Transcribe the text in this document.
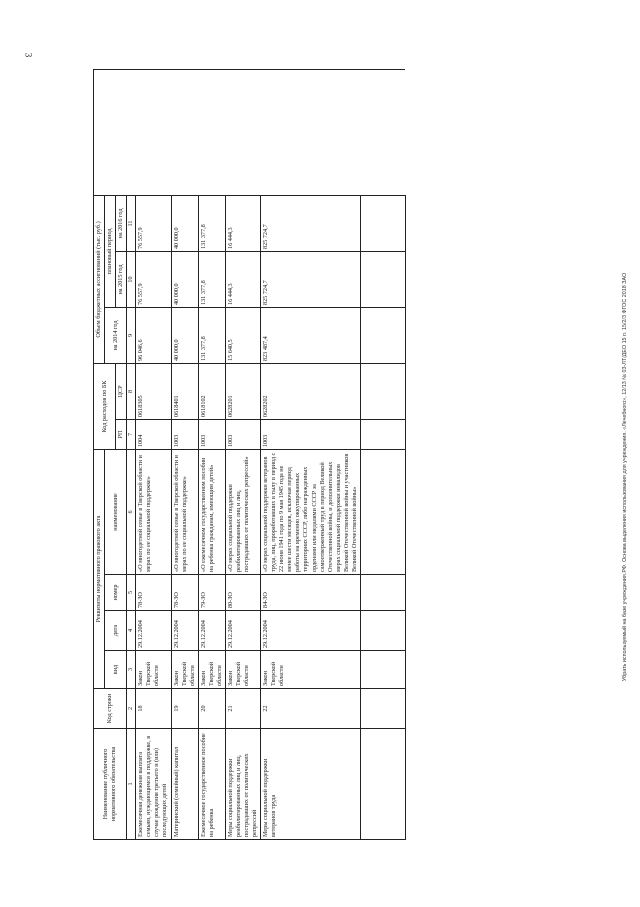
3
Убрать используемый на базе учреждения.РФ. Основа выделения использования для учреждения. «Лечебного», 12/13 № 03-ЛТ/ДЕО 15 п. 15/2/3 ФГОС 2018 ЗАО
Наименование публичного нормативного обязательства	Код строки	Реквизиты нормативного правового акта				Код расходов по БК		Объем бюджетных ассигнований (тыс. руб.)			
		вид	дата	номер	наименование			на 2014 год	плановый период		
						РП	ЦСР		на 2015 год	на 2016 год	
1	2	3	4	5	6	7	8	9	10	11	
Ежемесячная денежная выплата семьям, нуждающимся в поддержке, в случае рождения третьего и (или) последующих детей	18	Закон Тверской области	29.12.2004	78-ЗО	«О многодетной семье в Тверской области и мерах по ее социальной поддержке»	1004	0618305	96 046,6	76 557,9	76 557,9	
Материнский (семейный) капитал	19	Закон Тверской области	29.12.2004	78-ЗО	«О многодетной семье в Тверской области и мерах по ее социальной поддержке»	1003	0618401	40 000,0	40 000,0	40 000,0	
Ежемесячное государственное пособие на ребенка	20	Закон Тверской области	29.12.2004	79-ЗО	«О ежемесячном государственном пособии на ребенка гражданам, имеющим детей»	1003	0618102	131 377,8	131 377,8	131 377,8	
Меры социальной поддержки реабилитированных лиц и лиц, пострадавших от политических репрессий	21	Закон Тверской области	29.12.2004	80-ЗО	«О мерах социальной поддержки реабилитированных лиц и лиц, пострадавших от политических репрессий»	1003	0628201	15 640,5	16 444,3	16 444,3	
Меры социальной поддержки ветеранов труда	22	Закон Тверской области	29.12.2004	84-ЗО	«О мерах социальной поддержки ветеранов труда, лиц, проработавших в тылу в период с 22 июня 1941 года по 9 мая 1945 года не менее шести месяцев, исключая период работы на временно оккупированных территориях СССР, либо награжденных орденами или медалями СССР за самоотверженный труд в период Великой Отечественной войны, и дополнительных мерах социальной поддержки инвалидов Великой Отечественной войны и участников Великой Отечественной войны»	1003	0628202	823 487,4	825 724,7	825 724,7	
